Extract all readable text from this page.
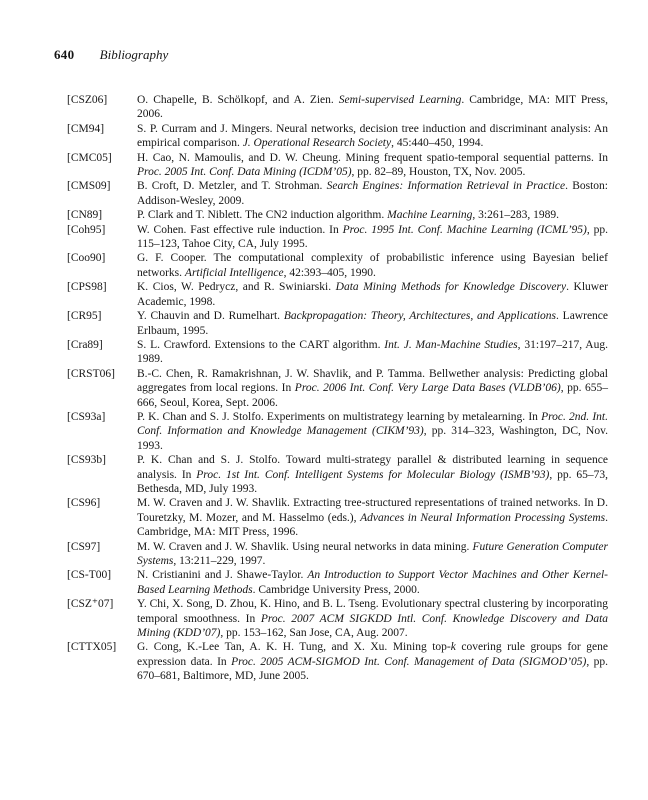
640 Bibliography
[CSZ06]	O. Chapelle, B. Schölkopf, and A. Zien. Semi-supervised Learning. Cambridge, MA: MIT Press, 2006.
[CM94]	S. P. Curram and J. Mingers. Neural networks, decision tree induction and discriminant analysis: An empirical comparison. J. Operational Research Society, 45:440–450, 1994.
[CMC05]	H. Cao, N. Mamoulis, and D. W. Cheung. Mining frequent spatio-temporal sequential patterns. In Proc. 2005 Int. Conf. Data Mining (ICDM’05), pp. 82–89, Houston, TX, Nov. 2005.
[CMS09]	B. Croft, D. Metzler, and T. Strohman. Search Engines: Information Retrieval in Practice. Boston: Addison-Wesley, 2009.
[CN89]	P. Clark and T. Niblett. The CN2 induction algorithm. Machine Learning, 3:261–283, 1989.
[Coh95]	W. Cohen. Fast effective rule induction. In Proc. 1995 Int. Conf. Machine Learning (ICML’95), pp. 115–123, Tahoe City, CA, July 1995.
[Coo90]	G. F. Cooper. The computational complexity of probabilistic inference using Bayesian belief networks. Artificial Intelligence, 42:393–405, 1990.
[CPS98]	K. Cios, W. Pedrycz, and R. Swiniarski. Data Mining Methods for Knowledge Discovery. Kluwer Academic, 1998.
[CR95]	Y. Chauvin and D. Rumelhart. Backpropagation: Theory, Architectures, and Applications. Lawrence Erlbaum, 1995.
[Cra89]	S. L. Crawford. Extensions to the CART algorithm. Int. J. Man-Machine Studies, 31:197–217, Aug. 1989.
[CRST06]	B.-C. Chen, R. Ramakrishnan, J. W. Shavlik, and P. Tamma. Bellwether analysis: Predicting global aggregates from local regions. In Proc. 2006 Int. Conf. Very Large Data Bases (VLDB’06), pp. 655–666, Seoul, Korea, Sept. 2006.
[CS93a]	P. K. Chan and S. J. Stolfo. Experiments on multistrategy learning by metalearning. In Proc. 2nd. Int. Conf. Information and Knowledge Management (CIKM’93), pp. 314–323, Washington, DC, Nov. 1993.
[CS93b]	P. K. Chan and S. J. Stolfo. Toward multi-strategy parallel & distributed learning in sequence analysis. In Proc. 1st Int. Conf. Intelligent Systems for Molecular Biology (ISMB’93), pp. 65–73, Bethesda, MD, July 1993.
[CS96]	M. W. Craven and J. W. Shavlik. Extracting tree-structured representations of trained networks. In D. Touretzky, M. Mozer, and M. Hasselmo (eds.), Advances in Neural Information Processing Systems. Cambridge, MA: MIT Press, 1996.
[CS97]	M. W. Craven and J. W. Shavlik. Using neural networks in data mining. Future Generation Computer Systems, 13:211–229, 1997.
[CS-T00]	N. Cristianini and J. Shawe-Taylor. An Introduction to Support Vector Machines and Other Kernel-Based Learning Methods. Cambridge University Press, 2000.
[CSZ⁺07]	Y. Chi, X. Song, D. Zhou, K. Hino, and B. L. Tseng. Evolutionary spectral clustering by incorporating temporal smoothness. In Proc. 2007 ACM SIGKDD Intl. Conf. Knowledge Discovery and Data Mining (KDD’07), pp. 153–162, San Jose, CA, Aug. 2007.
[CTTX05]	G. Cong, K.-Lee Tan, A. K. H. Tung, and X. Xu. Mining top-k covering rule groups for gene expression data. In Proc. 2005 ACM-SIGMOD Int. Conf. Management of Data (SIGMOD’05), pp. 670–681, Baltimore, MD, June 2005.
